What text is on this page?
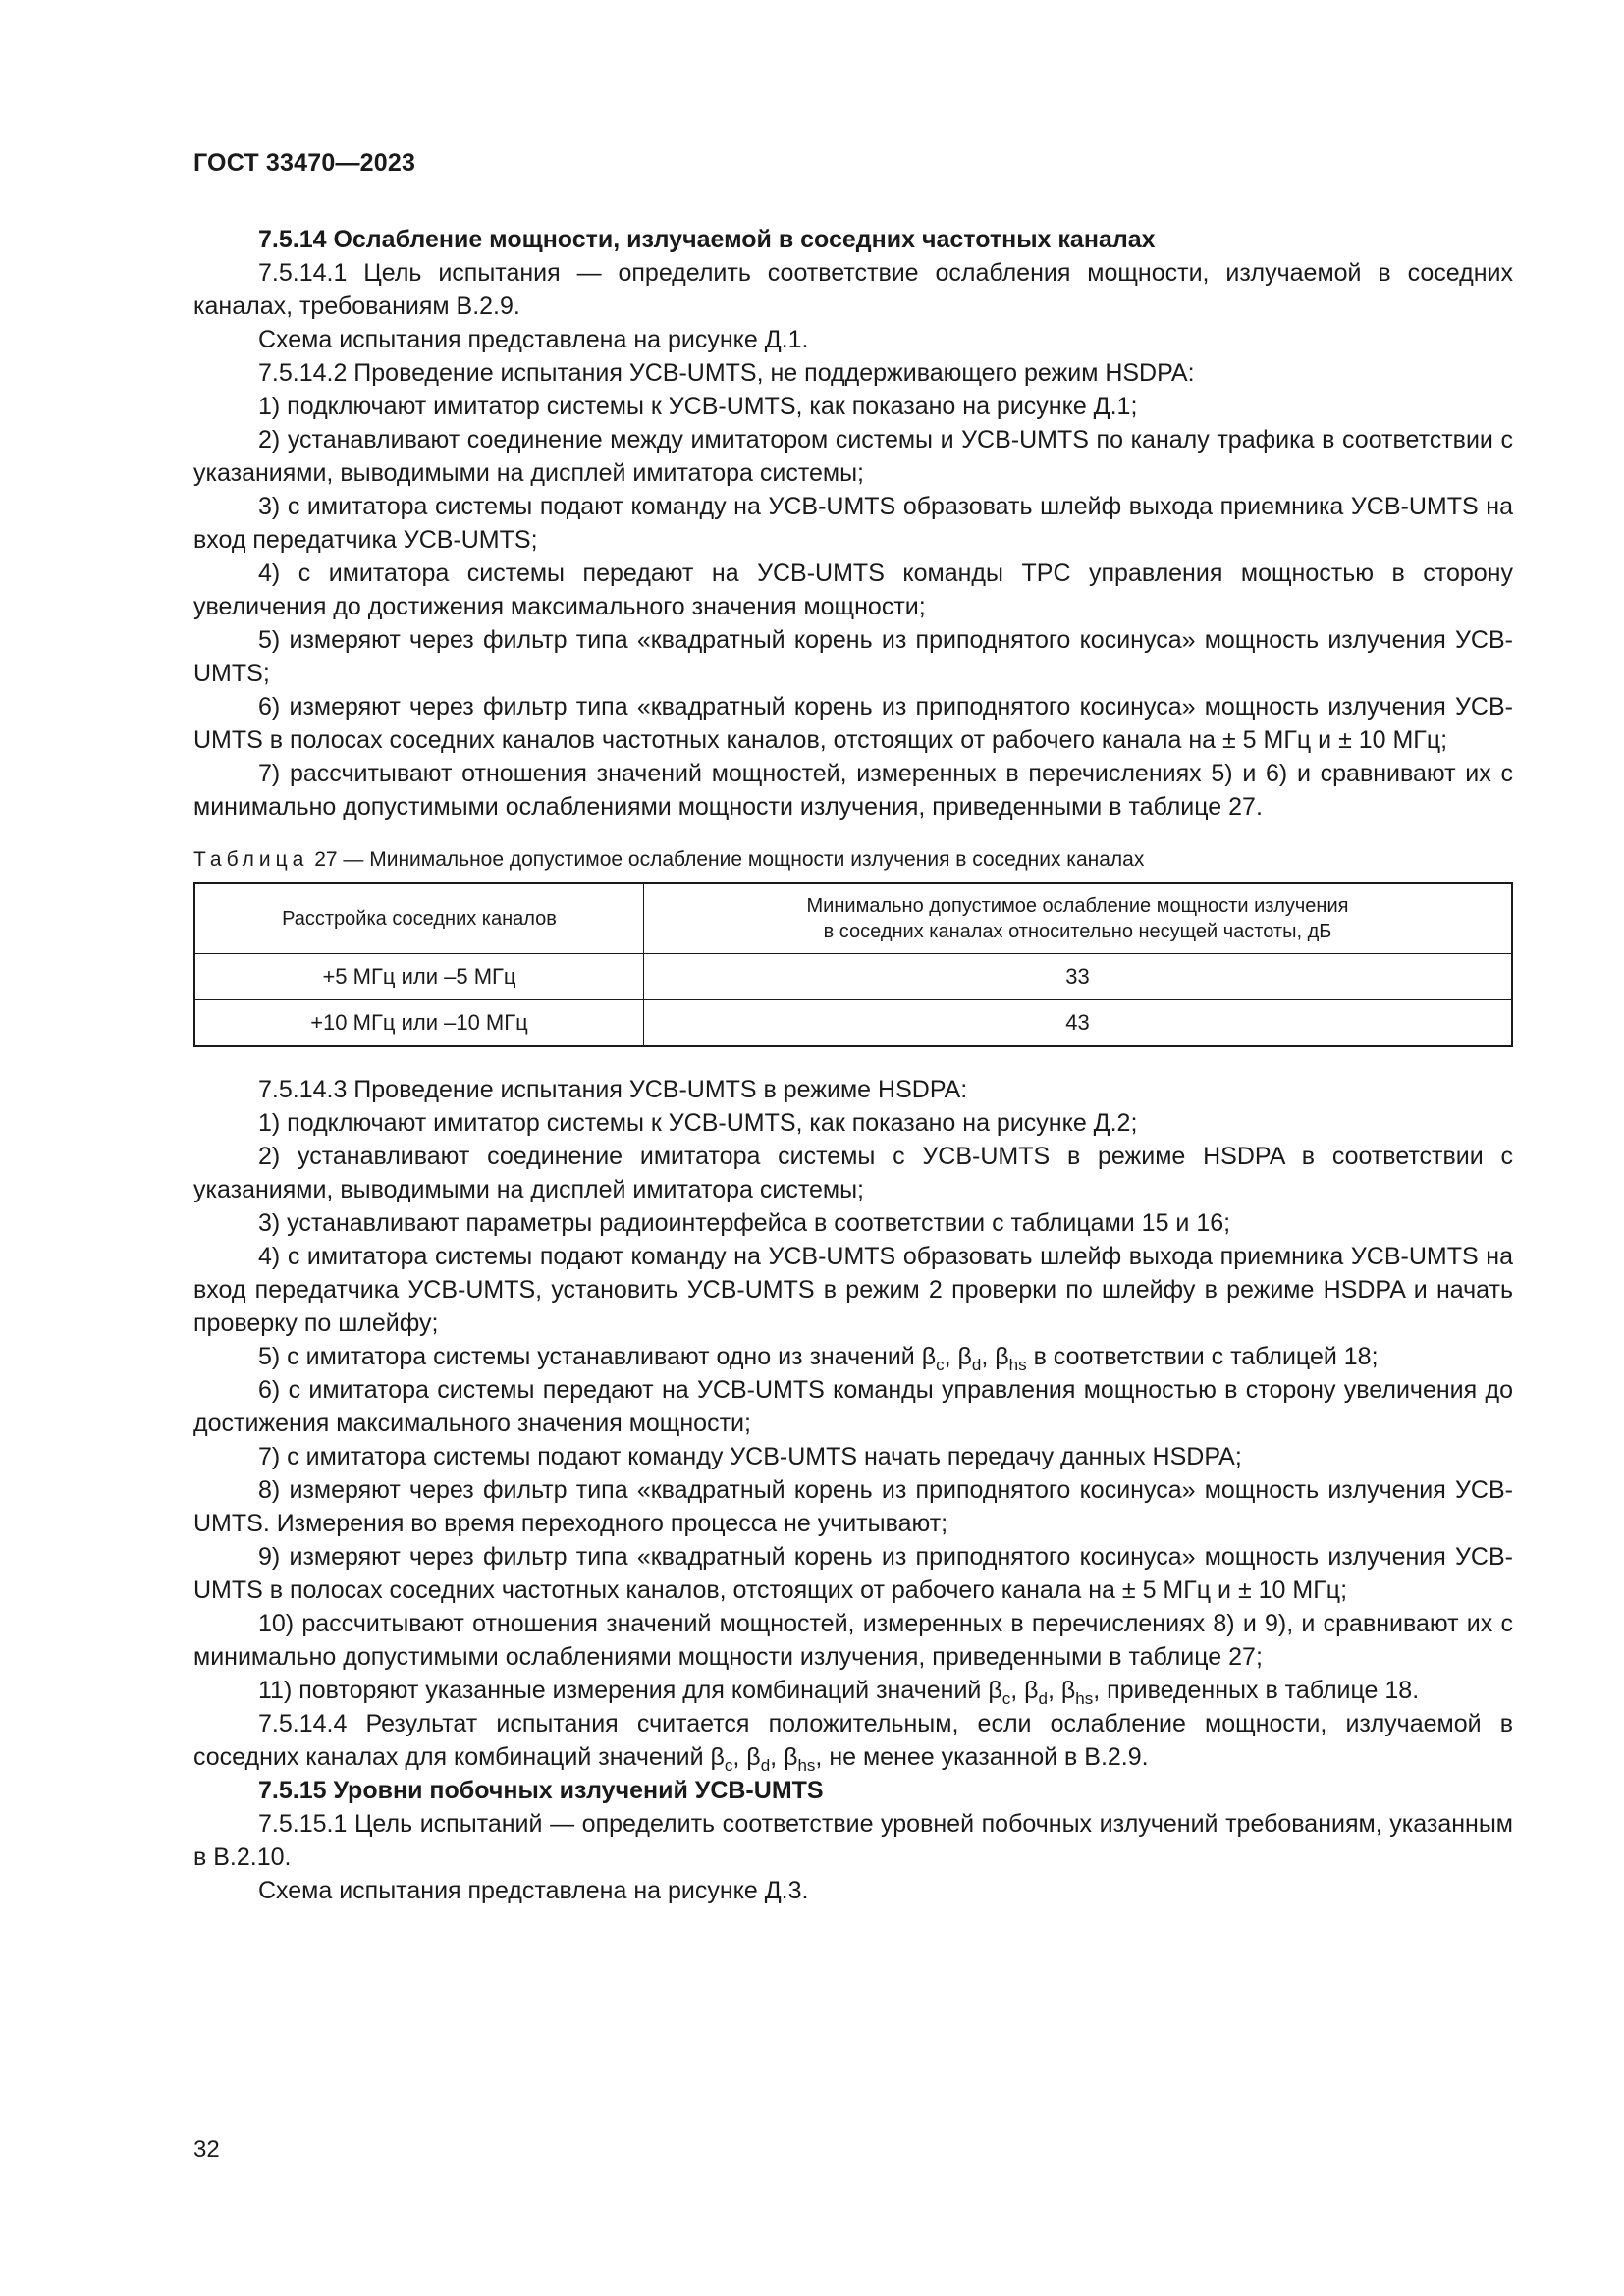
ГОСТ 33470—2023

7.5.14 Ослабление мощности, излучаемой в соседних частотных каналах

7.5.14.1 Цель испытания — определить соответствие ослабления мощности, излучаемой в соседних каналах, требованиям В.2.9.

Схема испытания представлена на рисунке Д.1.

7.5.14.2 Проведение испытания УСВ-UMTS, не поддерживающего режим HSDPA:

1) подключают имитатор системы к УСВ-UMTS, как показано на рисунке Д.1;

2) устанавливают соединение между имитатором системы и УСВ-UMTS по каналу трафика в соответствии с указаниями, выводимыми на дисплей имитатора системы;

3) с имитатора системы подают команду на УСВ-UMTS образовать шлейф выхода приемника УСВ-UMTS на вход передатчика УСВ-UMTS;

4) с имитатора системы передают на УСВ-UMTS команды TPC управления мощностью в сторону увеличения до достижения максимального значения мощности;

5) измеряют через фильтр типа «квадратный корень из приподнятого косинуса» мощность излучения УСВ-UMTS;

6) измеряют через фильтр типа «квадратный корень из приподнятого косинуса» мощность излучения УСВ-UMTS в полосах соседних каналов частотных каналов, отстоящих от рабочего канала на ± 5 МГц и ± 10 МГц;

7) рассчитывают отношения значений мощностей, измеренных в перечислениях 5) и 6) и сравнивают их с минимально допустимыми ослаблениями мощности излучения, приведенными в таблице 27.

Таблица 27 — Минимальное допустимое ослабление мощности излучения в соседних каналах
Расстройка соседних каналов	Минимально допустимое ослабление мощности излучения
в соседних каналах относительно несущей частоты, дБ
+5 МГц или –5 МГц	33
+10 МГц или –10 МГц	43

7.5.14.3 Проведение испытания УСВ-UMTS в режиме HSDPA:

1) подключают имитатор системы к УСВ-UMTS, как показано на рисунке Д.2;

2) устанавливают соединение имитатора системы с УСВ-UMTS в режиме HSDPA в соответствии с указаниями, выводимыми на дисплей имитатора системы;

3) устанавливают параметры радиоинтерфейса в соответствии с таблицами 15 и 16;

4) с имитатора системы подают команду на УСВ-UMTS образовать шлейф выхода приемника УСВ-UMTS на вход передатчика УСВ-UMTS, установить УСВ-UMTS в режим 2 проверки по шлейфу в режиме HSDPA и начать проверку по шлейфу;

5) с имитатора системы устанавливают одно из значений $\beta_c$, $\beta_d$, $\beta_{hs}$ в соответствии с таблицей 18;

6) с имитатора системы передают на УСВ-UMTS команды управления мощностью в сторону увеличения до достижения максимального значения мощности;

7) с имитатора системы подают команду УСВ-UMTS начать передачу данных HSDPA;

8) измеряют через фильтр типа «квадратный корень из приподнятого косинуса» мощность излучения УСВ-UMTS. Измерения во время переходного процесса не учитывают;

9) измеряют через фильтр типа «квадратный корень из приподнятого косинуса» мощность излучения УСВ-UMTS в полосах соседних частотных каналов, отстоящих от рабочего канала на ± 5 МГц и ± 10 МГц;

10) рассчитывают отношения значений мощностей, измеренных в перечислениях 8) и 9), и сравнивают их с минимально допустимыми ослаблениями мощности излучения, приведенными в таблице 27;

11) повторяют указанные измерения для комбинаций значений $\beta_c$, $\beta_d$, $\beta_{hs}$, приведенных в таблице 18.

7.5.14.4 Результат испытания считается положительным, если ослабление мощности, излучаемой в соседних каналах для комбинаций значений $\beta_c$, $\beta_d$, $\beta_{hs}$, не менее указанной в В.2.9.

7.5.15 Уровни побочных излучений УСВ-UMTS

7.5.15.1 Цель испытаний — определить соответствие уровней побочных излучений требованиям, указанным в В.2.10.

Схема испытания представлена на рисунке Д.3.

32
